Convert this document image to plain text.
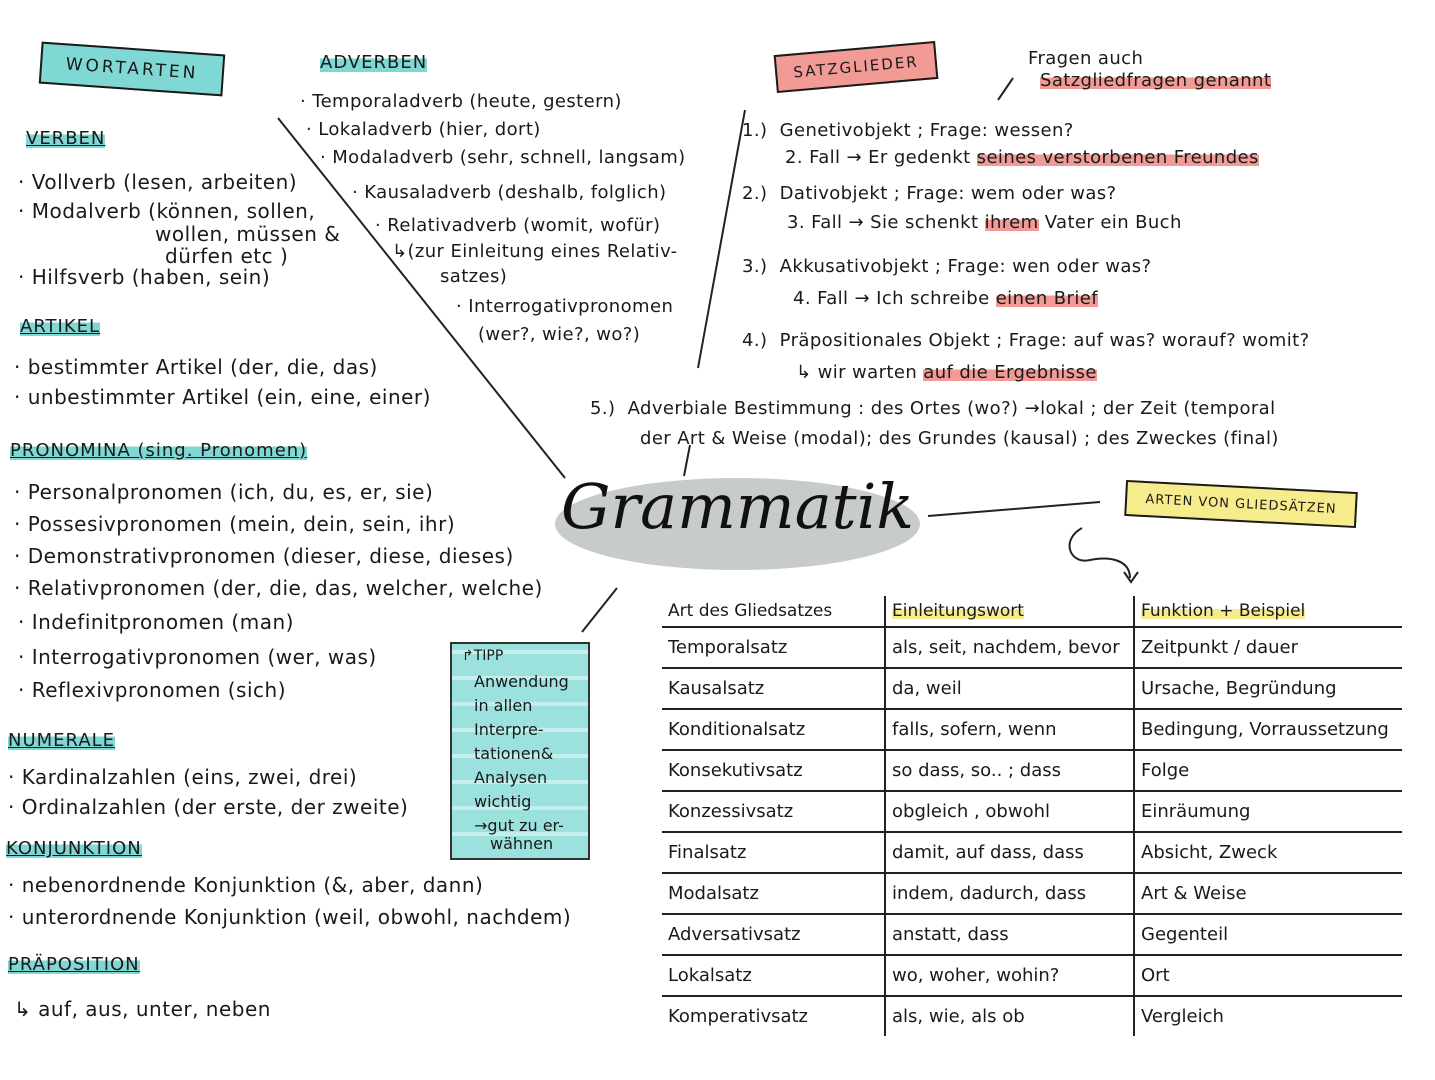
WORTARTEN
VERBEN
· Vollverb (lesen, arbeiten)
· Modalverb (können, sollen,
wollen, müssen &
dürfen etc )
· Hilfsverb (haben, sein)
ADVERBEN
· Temporaladverb (heute, gestern)
· Lokaladverb (hier, dort)
· Modaladverb (sehr, schnell, langsam)
· Kausaladverb (deshalb, folglich)
· Relativadverb (womit, wofür)
↳(zur Einleitung eines Relativ-
satzes)
· Interrogativpronomen
(wer?, wie?, wo?)
ARTIKEL
· bestimmter Artikel (der, die, das)
· unbestimmter Artikel (ein, eine, einer)
PRONOMINA (sing. Pronomen)
· Personalpronomen (ich, du, es, er, sie)
· Possesivpronomen (mein, dein, sein, ihr)
· Demonstrativpronomen (dieser, diese, dieses)
· Relativpronomen (der, die, das, welcher, welche)
· Indefinitpronomen (man)
· Interrogativpronomen (wer, was)
· Reflexivpronomen (sich)
NUMERALE
· Kardinalzahlen (eins, zwei, drei)
· Ordinalzahlen (der erste, der zweite)
KONJUNKTION
· nebenordnende Konjunktion (&, aber, dann)
· unterordnende Konjunktion (weil, obwohl, nachdem)
PRÄPOSITION
↳ auf, aus, unter, neben
↱TIPP
Anwendung
in allen
Interpre-
tationen&
Analysen
wichtig
→gut zu er-
wähnen
Grammatik
SATZGLIEDER	Fragen auch
Satzgliedfragen genannt
1.) Genetivobjekt ; Frage: wessen?
2. Fall → Er gedenkt seines verstorbenen Freundes
2.) Dativobjekt ; Frage: wem oder was?
3. Fall → Sie schenkt ihrem Vater ein Buch
3.) Akkusativobjekt ; Frage: wen oder was?
4. Fall → Ich schreibe einen Brief
4.) Präpositionales Objekt ; Frage: auf was? worauf? womit?
↳ wir warten auf die Ergebnisse
5.) Adverbiale Bestimmung : des Ortes (wo?) →lokal ; der Zeit (temporal
der Art & Weise (modal); des Grundes (kausal) ; des Zweckes (final)
ARTEN VON GLIEDSÄTZEN
Art des Gliedsatzes	Einleitungswort	Funktion + Beispiel
Temporalsatz	als, seit, nachdem, bevor	Zeitpunkt / dauer
Kausalsatz	da, weil	Ursache, Begründung
Konditionalsatz	falls, sofern, wenn	Bedingung, Vorraussetzung
Konsekutivsatz	so dass, so.. ; dass	Folge
Konzessivsatz	obgleich , obwohl	Einräumung
Finalsatz	damit, auf dass, dass	Absicht, Zweck
Modalsatz	indem, dadurch, dass	Art & Weise
Adversativsatz	anstatt, dass	Gegenteil
Lokalsatz	wo, woher, wohin?	Ort
Komperativsatz	als, wie, als ob	Vergleich
